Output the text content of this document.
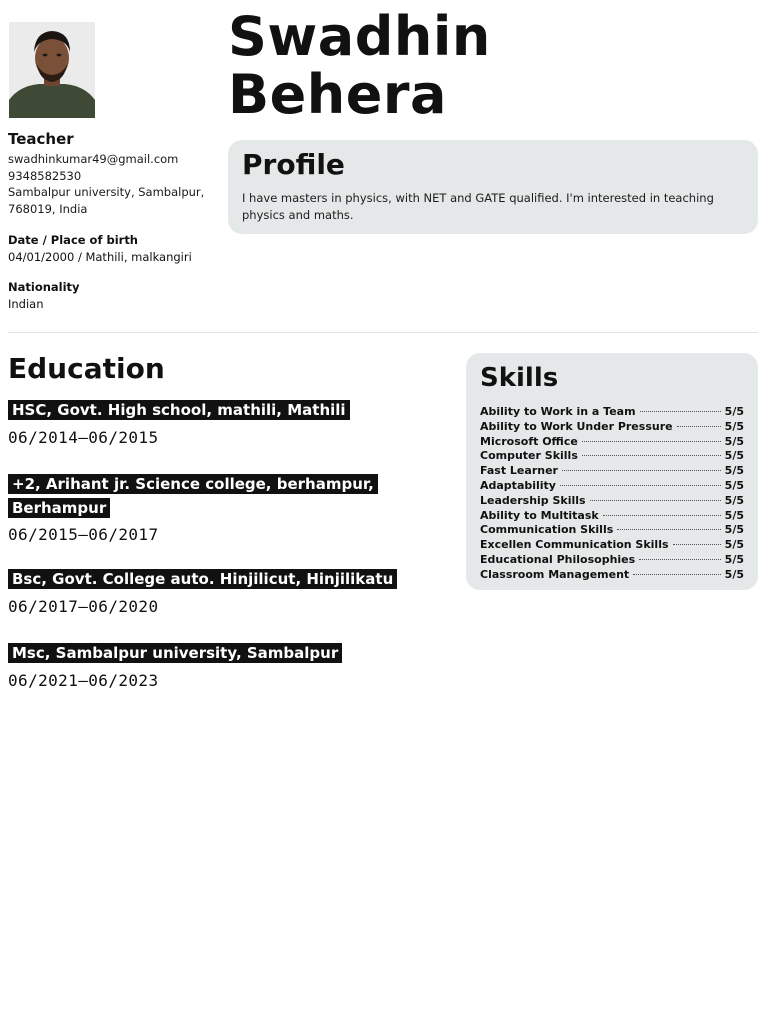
Swadhin
Behera
Teacher
swadhinkumar49@gmail.com
9348582530
Sambalpur university, Sambalpur,
768019, India
Date / Place of birth
04/01/2000 / Mathili, malkangiri
Nationality
Indian
Profile

I have masters in physics, with NET and GATE qualified. I'm interested in teaching physics and maths.

Education
HSC, Govt. High school, mathili, Mathili
06/2014—06/2015
+2, Arihant jr. Science college, berhampur, Berhampur
06/2015—06/2017
Bsc, Govt. College auto. Hinjilicut, Hinjilikatu
06/2017—06/2020
Msc, Sambalpur university, Sambalpur
06/2021—06/2023
Skills
Ability to Work in a Team	5/5
Ability to Work Under Pressure	5/5
Microsoft Office	5/5
Computer Skills	5/5
Fast Learner	5/5
Adaptability	5/5
Leadership Skills	5/5
Ability to Multitask	5/5
Communication Skills	5/5
Excellen Communication Skills	5/5
Educational Philosophies	5/5
Classroom Management	5/5
